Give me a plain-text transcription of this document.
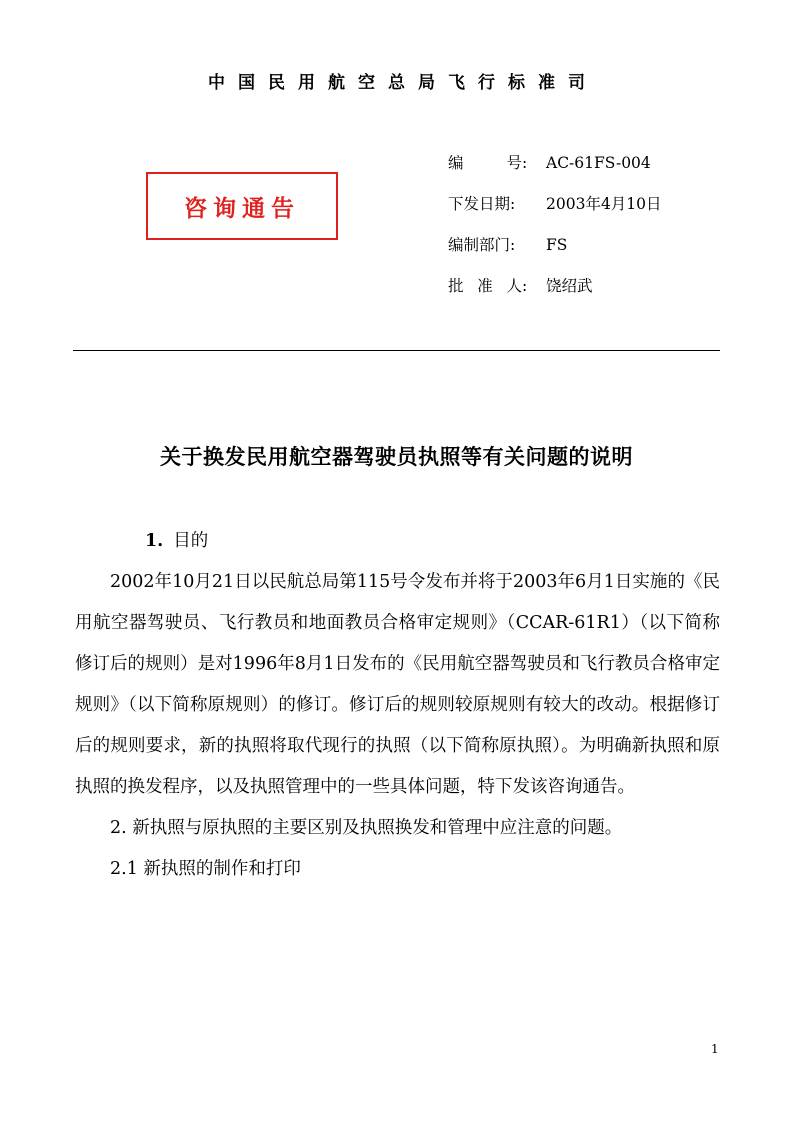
中国民用航空总局飞行标准司
咨询通告
编号: AC-61FS-004
下发日期: 2003年4月10日
编制部门: FS
批准人: 饶绍武
关于换发民用航空器驾驶员执照等有关问题的说明

1. 目的

2002年10月21日以民航总局第115号令发布并将于2003年6月1日实施的《民用航空器驾驶员、飞行教员和地面教员合格审定规则》（CCAR-61R1）（以下简称修订后的规则）是对1996年8月1日发布的《民用航空器驾驶员和飞行教员合格审定规则》（以下简称原规则）的修订。修订后的规则较原规则有较大的改动。根据修订后的规则要求，新的执照将取代现行的执照（以下简称原执照）。为明确新执照和原执照的换发程序，以及执照管理中的一些具体问题，特下发该咨询通告。

2. 新执照与原执照的主要区别及执照换发和管理中应注意的问题。

2.1 新执照的制作和打印

1
